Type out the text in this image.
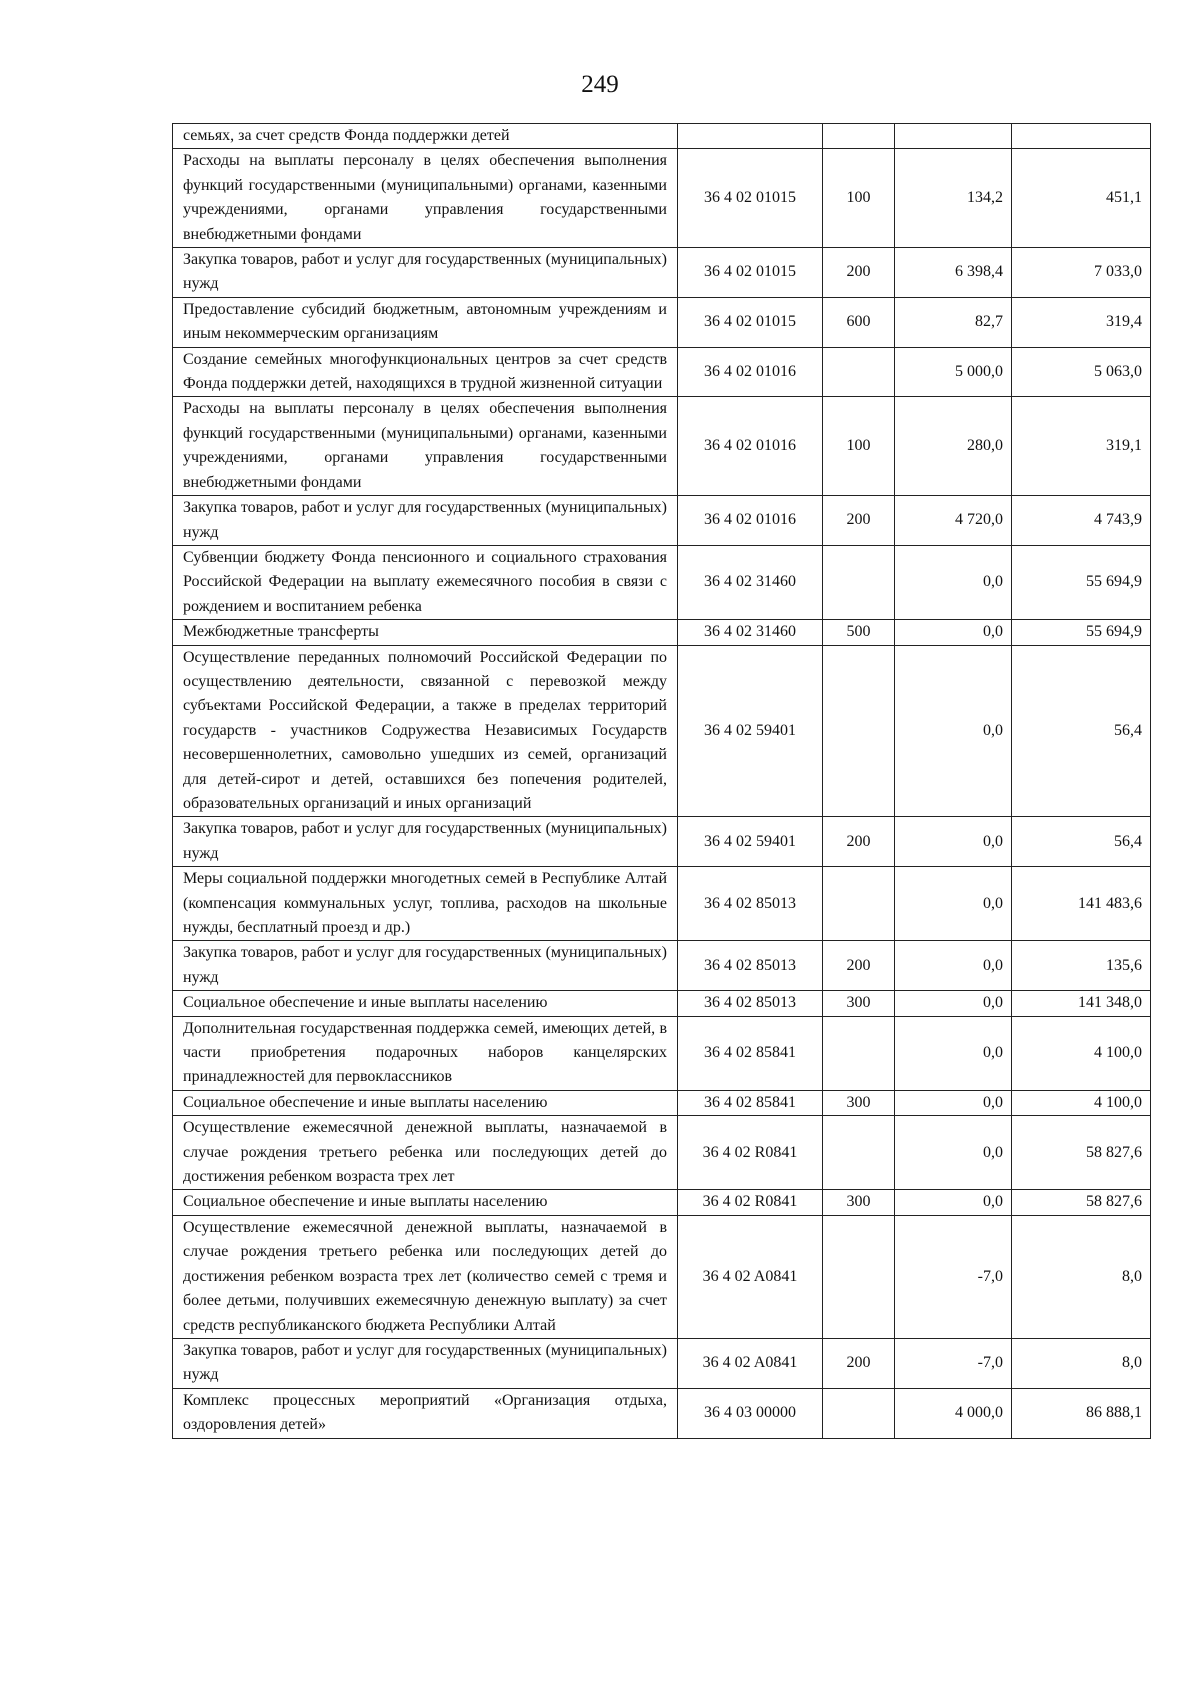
249
семьях, за счет средств Фонда поддержки детей				
Расходы на выплаты персоналу в целях обеспечения выполнения функций государственными (муниципальными) органами, казенными учреждениями, органами управления государственными внебюджетными фондами	36 4 02 01015	100	134,2	451,1
Закупка товаров, работ и услуг для государственных (муниципальных) нужд	36 4 02 01015	200	6 398,4	7 033,0
Предоставление субсидий бюджетным, автономным учреждениям и иным некоммерческим организациям	36 4 02 01015	600	82,7	319,4
Создание семейных многофункциональных центров за счет средств Фонда поддержки детей, находящихся в трудной жизненной ситуации	36 4 02 01016		5 000,0	5 063,0
Расходы на выплаты персоналу в целях обеспечения выполнения функций государственными (муниципальными) органами, казенными учреждениями, органами управления государственными внебюджетными фондами	36 4 02 01016	100	280,0	319,1
Закупка товаров, работ и услуг для государственных (муниципальных) нужд	36 4 02 01016	200	4 720,0	4 743,9
Субвенции бюджету Фонда пенсионного и социального страхования Российской Федерации на выплату ежемесячного пособия в связи с рождением и воспитанием ребенка	36 4 02 31460		0,0	55 694,9
Межбюджетные трансферты	36 4 02 31460	500	0,0	55 694,9
Осуществление переданных полномочий Российской Федерации по осуществлению деятельности, связанной с перевозкой между субъектами Российской Федерации, а также в пределах территорий государств - участников Содружества Независимых Государств несовершеннолетних, самовольно ушедших из семей, организаций для детей-сирот и детей, оставшихся без попечения родителей, образовательных организаций и иных организаций	36 4 02 59401		0,0	56,4
Закупка товаров, работ и услуг для государственных (муниципальных) нужд	36 4 02 59401	200	0,0	56,4
Меры социальной поддержки многодетных семей в Республике Алтай (компенсация коммунальных услуг, топлива, расходов на школьные нужды, бесплатный проезд и др.)	36 4 02 85013		0,0	141 483,6
Закупка товаров, работ и услуг для государственных (муниципальных) нужд	36 4 02 85013	200	0,0	135,6
Социальное обеспечение и иные выплаты населению	36 4 02 85013	300	0,0	141 348,0
Дополнительная государственная поддержка семей, имеющих детей, в части приобретения подарочных наборов канцелярских принадлежностей для первоклассников	36 4 02 85841		0,0	4 100,0
Социальное обеспечение и иные выплаты населению	36 4 02 85841	300	0,0	4 100,0
Осуществление ежемесячной денежной выплаты, назначаемой в случае рождения третьего ребенка или последующих детей до достижения ребенком возраста трех лет	36 4 02 R0841		0,0	58 827,6
Социальное обеспечение и иные выплаты населению	36 4 02 R0841	300	0,0	58 827,6
Осуществление ежемесячной денежной выплаты, назначаемой в случае рождения третьего ребенка или последующих детей до достижения ребенком возраста трех лет (количество семей с тремя и более детьми, получивших ежемесячную денежную выплату) за счет средств республиканского бюджета Республики Алтай	36 4 02 A0841		-7,0	8,0
Закупка товаров, работ и услуг для государственных (муниципальных) нужд	36 4 02 A0841	200	-7,0	8,0
Комплекс процессных мероприятий «Организация отдыха, оздоровления детей»	36 4 03 00000		4 000,0	86 888,1
